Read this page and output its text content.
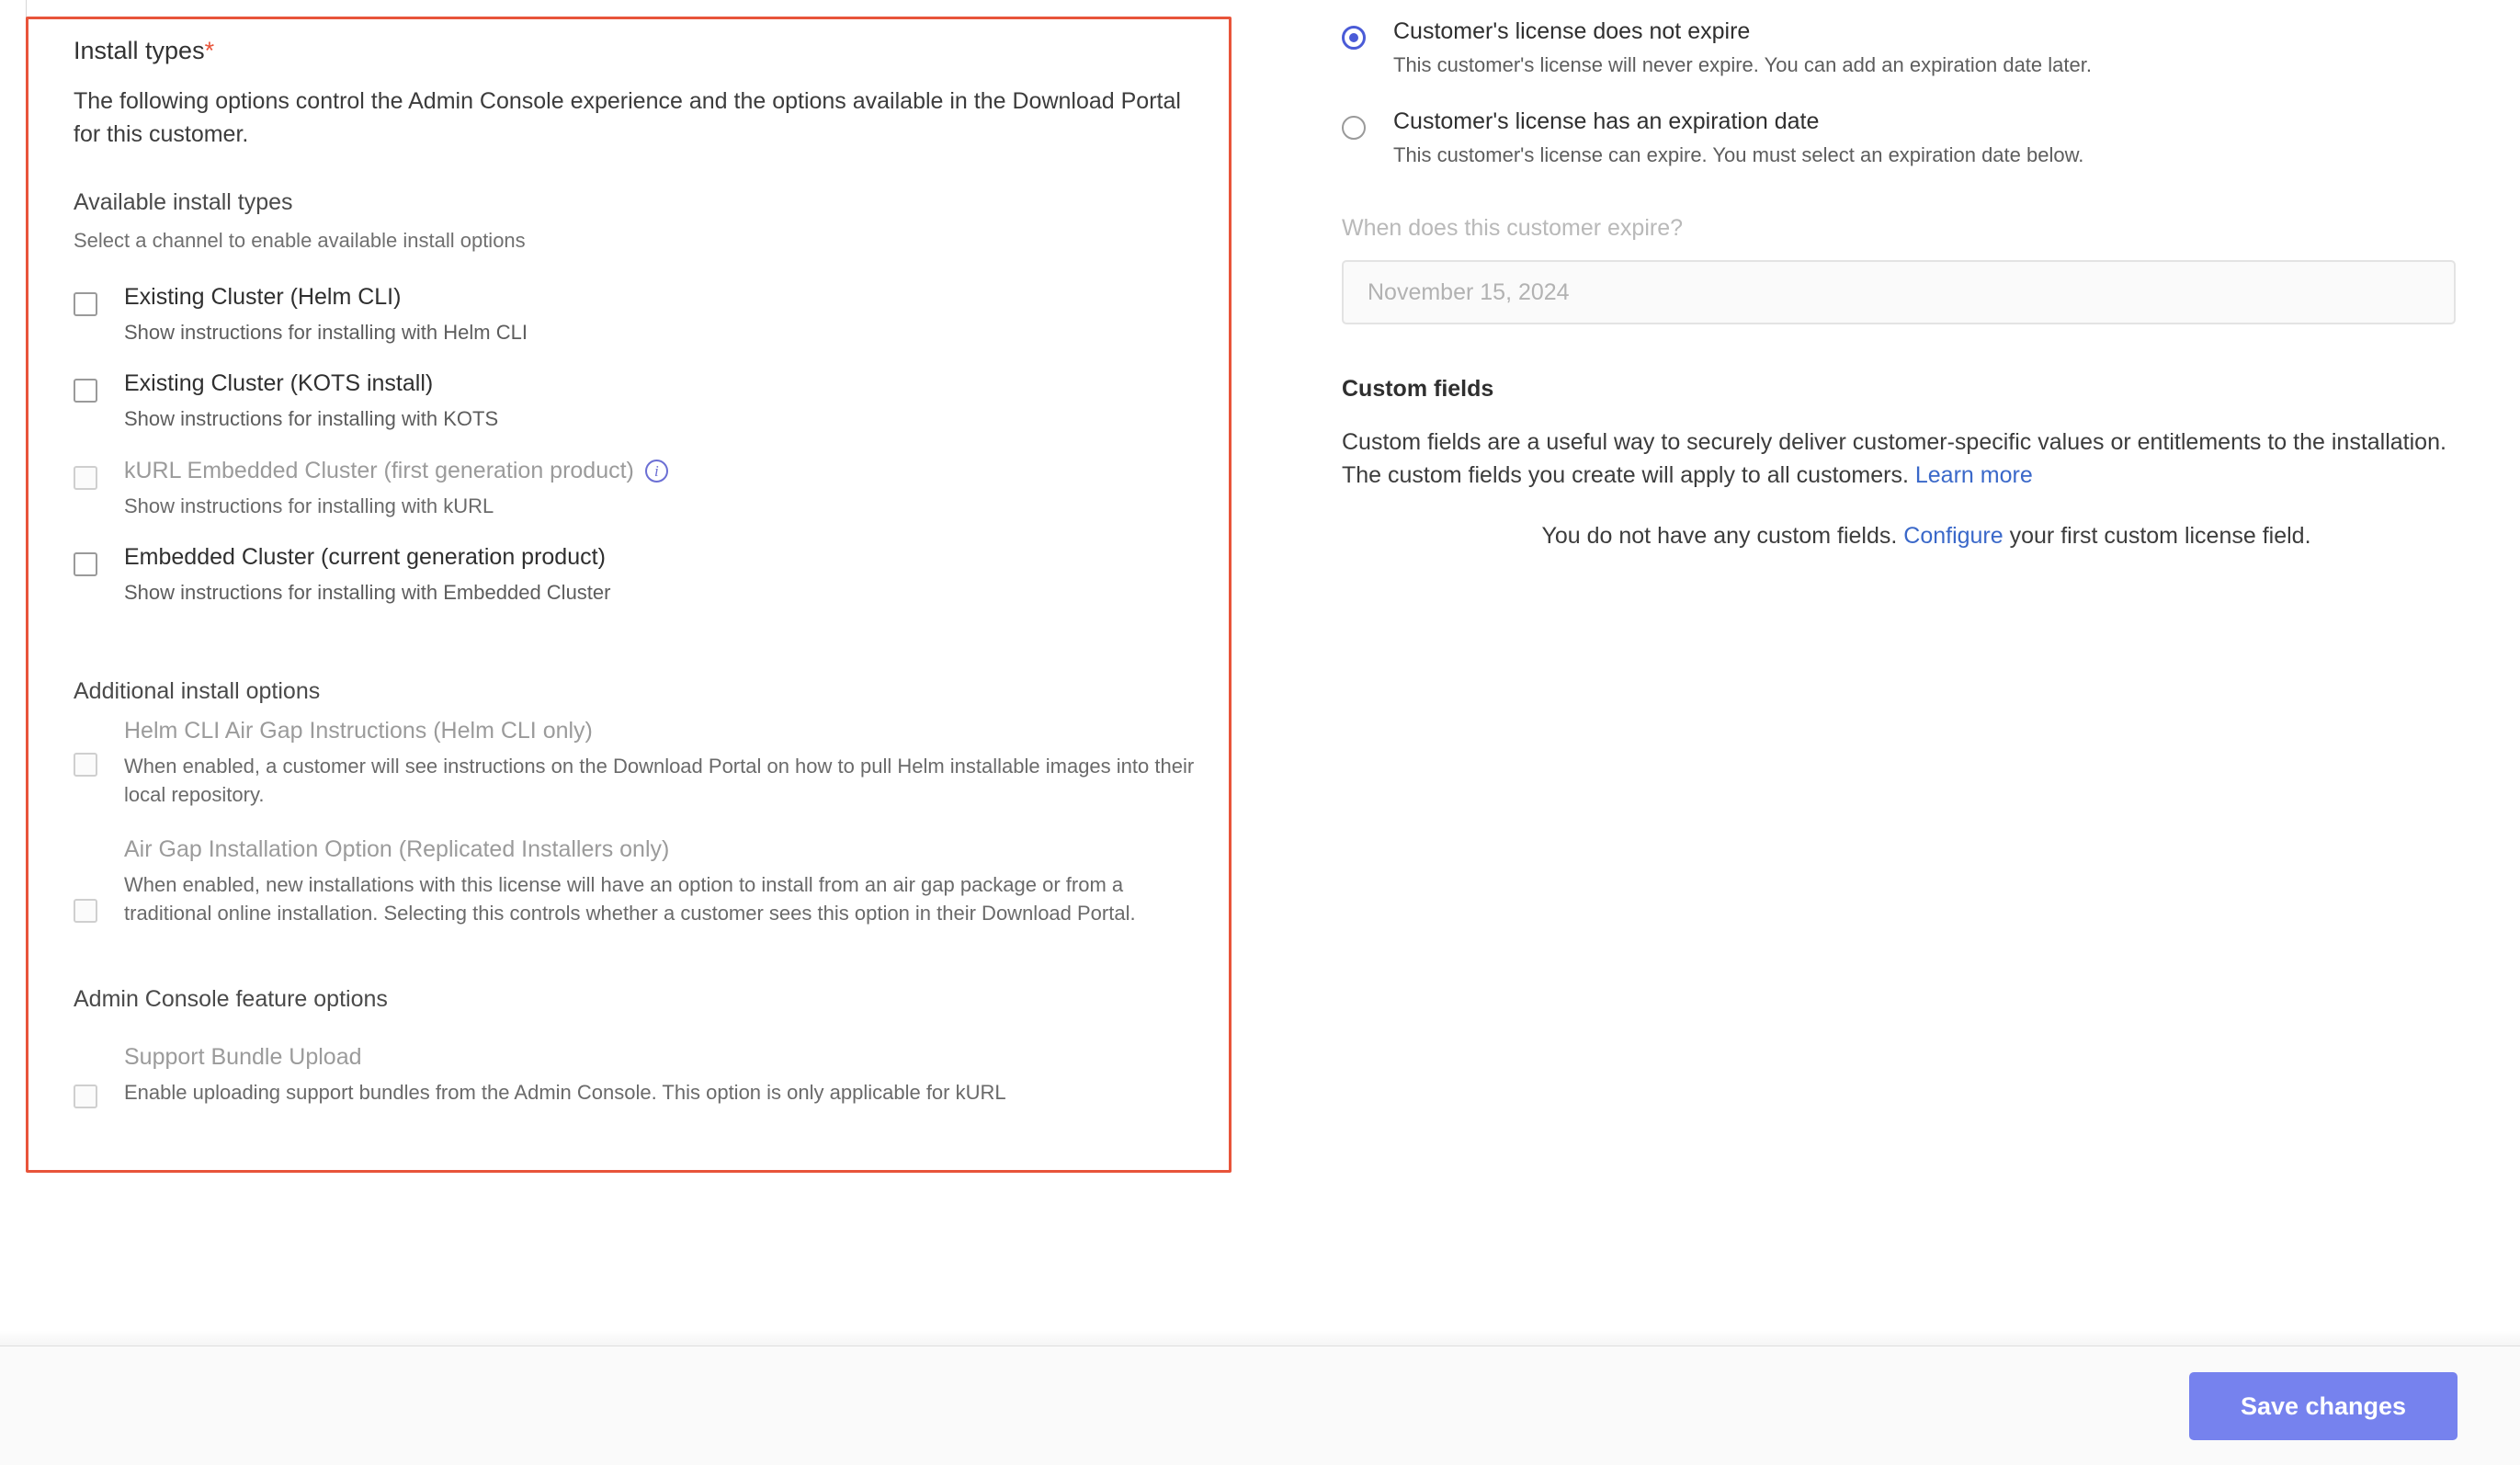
Install types*

The following options control the Admin Console experience and the options available in the Download Portal for this customer.

Available install types
Select a channel to enable available install options
Existing Cluster (Helm CLI)

Show instructions for installing with Helm CLI

Existing Cluster (KOTS install)

Show instructions for installing with KOTS

kURL Embedded Cluster (first generation product)	i

Show instructions for installing with kURL

Embedded Cluster (current generation product)

Show instructions for installing with Embedded Cluster

Additional install options
Helm CLI Air Gap Instructions (Helm CLI only)

When enabled, a customer will see instructions on the Download Portal on how to pull Helm installable images into their local repository.

Air Gap Installation Option (Replicated Installers only)

When enabled, new installations with this license will have an option to install from an air gap package or from a traditional online installation. Selecting this controls whether a customer sees this option in their Download Portal.

Admin Console feature options
Support Bundle Upload

Enable uploading support bundles from the Admin Console. This option is only applicable for kURL

Customer's license does not expire

This customer's license will never expire. You can add an expiration date later.

Customer's license has an expiration date

This customer's license can expire. You must select an expiration date below.

When does this customer expire?
November 15, 2024
Custom fields

Custom fields are a useful way to securely deliver customer-specific values or entitlements to the installation. The custom fields you create will apply to all customers. Learn more

You do not have any custom fields. Configure your first custom license field.

Save changes
